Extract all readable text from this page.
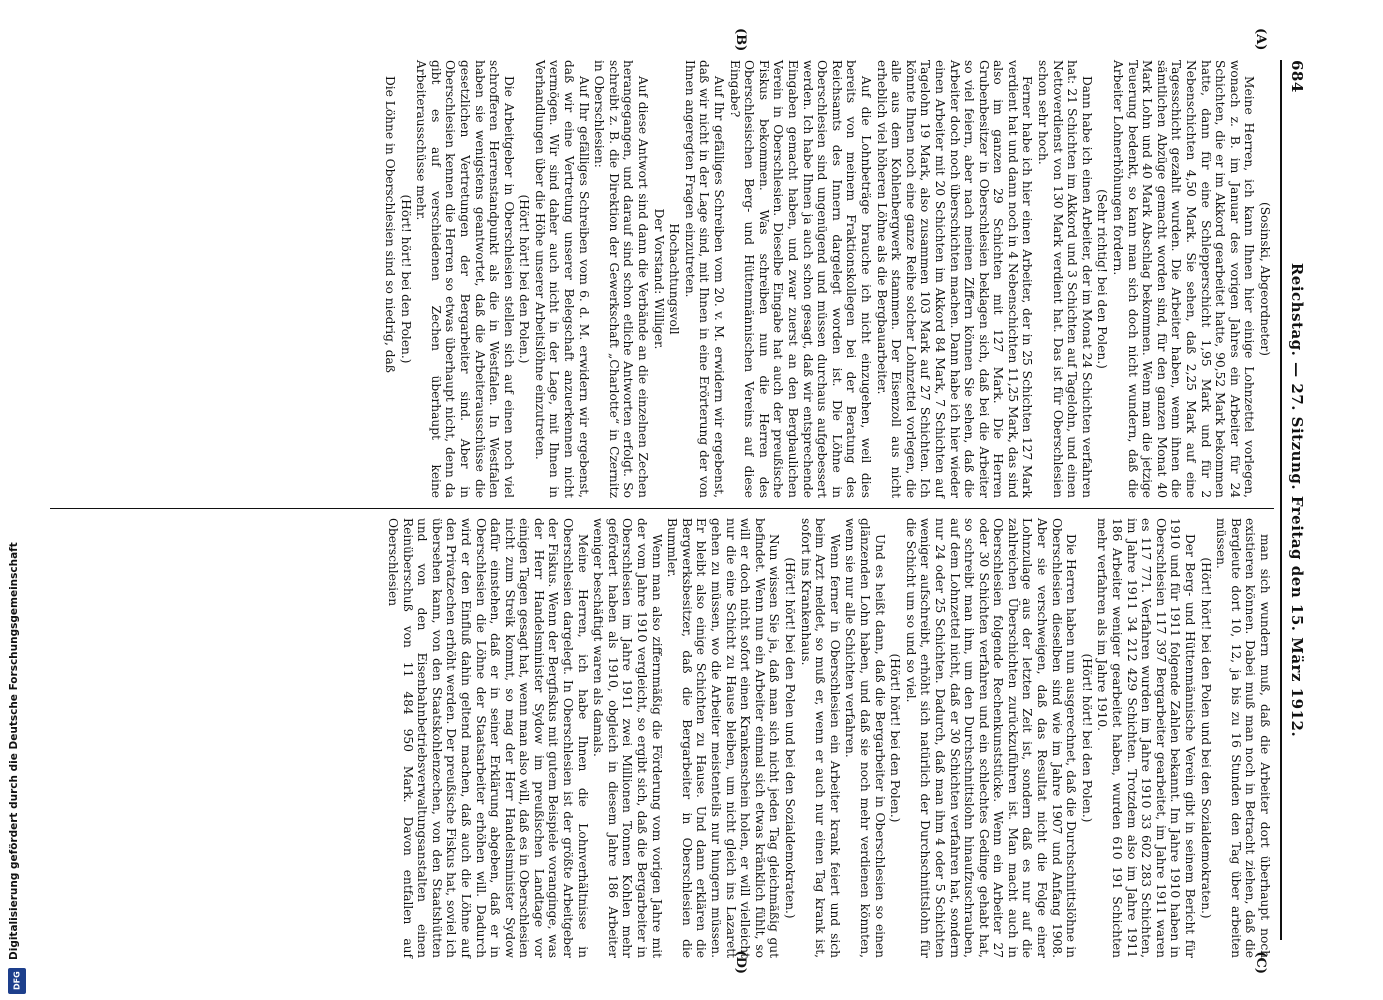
684
Reichstag. — 27. Sitzung. Freitag den 15. März 1912.
(A)
(B)
(C)
(D)
(Sosinski, Abgeordneter)

Meine Herren, ich kann Ihnen hier einige Lohnzettel vorlegen, wonach z. B. im Januar des vorigen Jahres ein Arbeiter für 24 Schichten, die er im Akkord gearbeitet hatte, 90,52 Mark bekommen hatte, dann für eine Schlepperschicht 1,95 Mark und für 2 Nebenschichten 4,50 Mark. Sie sehen, daß 2,25 Mark auf eine Tagesschicht gezahlt wurden. Die Arbeiter haben, wenn ihnen die sämtlichen Abzüge gemacht worden sind, für den ganzen Monat 40 Mark Lohn und 40 Mark Abschlag bekommen. Wenn man die jetzige Teuerung bedenkt, so kann man sich doch nicht wundern, daß die Arbeiter Lohnerhöhungen fordern.

(Sehr richtig! bei den Polen.)

Dann habe ich einen Arbeiter, der im Monat 24 Schichten verfahren hat: 21 Schichten im Akkord und 3 Schichten auf Tagelohn, und einen Nettoverdienst von 130 Mark verdient hat. Das ist für Oberschlesien schon sehr hoch.

Ferner habe ich hier einen Arbeiter, der in 25 Schichten 127 Mark verdient hat und dann noch in 4 Nebenschichten 11,25 Mark, das sind also im ganzen 29 Schichten mit 127 Mark. Die Herren Grubenbesitzer in Oberschlesien beklagen sich, daß bei die Arbeiter so viel feiern, aber nach meinen Ziffern können Sie sehen, daß die Arbeiter doch noch überschichten machen. Dann habe ich hier wieder einen Arbeiter mit 20 Schichten im Akkord 84 Mark, 7 Schichten auf Tagelohn 19 Mark, also zusammen 103 Mark auf 27 Schichten. Ich könnte Ihnen noch eine ganze Reihe solcher Lohnzettel vorlegen, die alle aus dem Kohlenbergwerk stammen. Der Eisenzoll aus nicht erheblich viel höheren Löhne als die Bergbauarbeiter.

Auf die Lohnbeträge brauche ich nicht einzugehen, weil dies bereits von meinem Fraktionskollegen bei der Beratung des Reichsamts des Innern dargelegt worden ist. Die Löhne in Oberschlesien sind ungenügend und müssen durchaus aufgebessert werden. Ich habe Ihnen ja auch schon gesagt, daß wir entsprechende Eingaben gemacht haben, und zwar zuerst an den Bergbaulichen Verein in Oberschlesien. Dieselbe Eingabe hat auch der preußische Fiskus bekommen. Was schreiben nun die Herren des Oberschlesischen Berg- und Hüttenmännischen Vereins auf diese Eingabe?

Auf Ihr gefälliges Schreiben vom 20. v. M. erwidern wir ergebenst, daß wir nicht in der Lage sind, mit Ihnen in eine Erörterung der von Ihnen angeregten Fragen einzutreten.

Hochachtungsvoll
Der Vorstand: Williger.

Auf diese Antwort sind dann die Verbände an die einzelnen Zechen herangegangen, und darauf sind schon etliche Antworten erfolgt. So schreibt z. B. die Direktion der Gewerkschaft „Charlotte“ in Czernitz in Oberschlesien:

Auf Ihr gefälliges Schreiben vom 6. d. M. erwidern wir ergebenst, daß wir eine Vertretung unserer Belegschaft anzuerkennen nicht vermögen. Wir sind daher auch nicht in der Lage, mit Ihnen in Verhandlungen über die Höhe unserer Arbeitslöhne einzutreten.

(Hört! hört! bei den Polen.)

Die Arbeitgeber in Oberschlesien stellen sich auf einen noch viel schrofferen Herrenstandpunkt als die in Westfalen. In Westfalen haben sie wenigstens geantwortet, daß die Arbeiterausschüsse die gesetzlichen Vertretungen der Bergarbeiter sind. Aber in Oberschlesien kennen die Herren so etwas überhaupt nicht, denn da gibt es auf verschiedenen Zechen überhaupt keine Arbeiterausschüsse mehr.

(Hört! hört! bei den Polen.)

Die Löhne in Oberschlesien sind so niedrig, daß

man sich wundern muß, daß die Arbeiter dort überhaupt noch existieren können. Dabei muß man noch in Betracht ziehen, daß die Bergleute dort 10, 12, ja bis zu 16 Stunden den Tag über arbeiten müssen.

(Hört! hört! bei den Polen und bei den Sozialdemokraten.)

Der Berg- und Hüttenmännische Verein gibt in seinem Bericht für 1910 und für 1911 folgende Zahlen bekannt. Im Jahre 1910 haben in Oberschlesien 117 397 Bergarbeiter gearbeitet, im Jahre 1911 waren es 117 771. Verfahren wurden im Jahre 1910 33 602 283 Schichten, im Jahre 1911 34 212 429 Schichten. Trotzdem also im Jahre 1911 186 Arbeiter weniger gearbeitet haben, wurden 610 191 Schichten mehr verfahren als im Jahre 1910.

(Hört! hört! bei den Polen.)

Die Herren haben nun ausgerechnet, daß die Durchschnittslöhne in Oberschlesien dieselben sind wie im Jahre 1907 und Anfang 1908. Aber sie verschweigen, daß das Resultat nicht die Folge einer Lohnzulage aus der letzten Zeit ist, sondern daß es nur auf die zahlreichen Überschichten zurückzuführen ist. Man macht auch in Oberschlesien folgende Rechenkunststücke. Wenn ein Arbeiter 27 oder 30 Schichten verfahren und ein schlechtes Gedinge gehabt hat, so schreibt man ihm, um den Durchschnittslohn hinaufzuschrauben, auf dem Lohnzettel nicht, daß er 30 Schichten verfahren hat, sondern nur 24 oder 25 Schichten. Dadurch, daß man ihm 4 oder 5 Schichten weniger aufschreibt, erhöht sich natürlich der Durchschnittslohn für die Schicht um so und so viel.

(Hört! hört! bei den Polen.)

Und es heißt dann, daß die Bergarbeiter in Oberschlesien so einen glänzenden Lohn haben, und daß sie noch mehr verdienen könnten, wenn sie nur alle Schichten verfahren.

Wenn ferner in Oberschlesien ein Arbeiter krank feiert und sich beim Arzt meldet, so muß er, wenn er auch nur einen Tag krank ist, sofort ins Krankenhaus.

(Hört! hört! bei den Polen und bei den Sozialdemokraten.)

Nun wissen Sie ja, daß man sich nicht jeden Tag gleichmäßig gut befindet. Wenn nun ein Arbeiter einmal sich etwas kränklich fühlt, so will er doch nicht sofort einen Krankenschein holen, er will vielleicht nur die eine Schicht zu Hause bleiben, um nicht gleich ins Lazarett gehen zu müssen, wo die Arbeiter meistenteils nur hungern müssen. Er bleibt also einige Schichten zu Hause. Und dann erklären die Bergwerksbesitzer, daß die Bergarbeiter in Oberschlesien die Bummler.

Wenn man also ziffernmäßig die Förderung vom vorigen Jahre mit der vom Jahre 1910 vergleicht, so ergibt sich, daß die Bergarbeiter in Oberschlesien im Jahre 1911 zwei Millionen Tonnen Kohlen mehr gefördert haben als 1910, obgleich in diesem Jahre 186 Arbeiter weniger beschäftigt waren als damals.

Meine Herren, ich habe Ihnen die Lohnverhältnisse in Oberschlesien dargelegt. In Oberschlesien ist der größte Arbeitgeber der Fiskus. Wenn der Bergfiskus mit gutem Beispiele voranginge, was der Herr Handelsminister Sydow im preußischen Landtage vor einigen Tagen gesagt hat, wenn man also will, daß es in Oberschlesien nicht zum Streik kommt, so mag der Herr Handelsminister Sydow dafür einstehen, daß er in seiner Erklärung abgeben, daß er in Oberschlesien die Löhne der Staatsarbeiter erhöhen will. Dadurch wird er den Einfluß dahin geltend machen, daß auch die Löhne auf den Privatzechen erhöht werden. Der preußische Fiskus hat, soviel ich übersehen kann, von den Staatskohlenzechen, von den Staatshütten und von den Eisenbahnbetriebsverwaltungsanstalten einen Reinüberschuß von 11 484 950 Mark. Davon entfallen auf Oberschlesien

Digitalisierung gefördert durch die Deutsche Forschungsgemeinschaft
DFG
